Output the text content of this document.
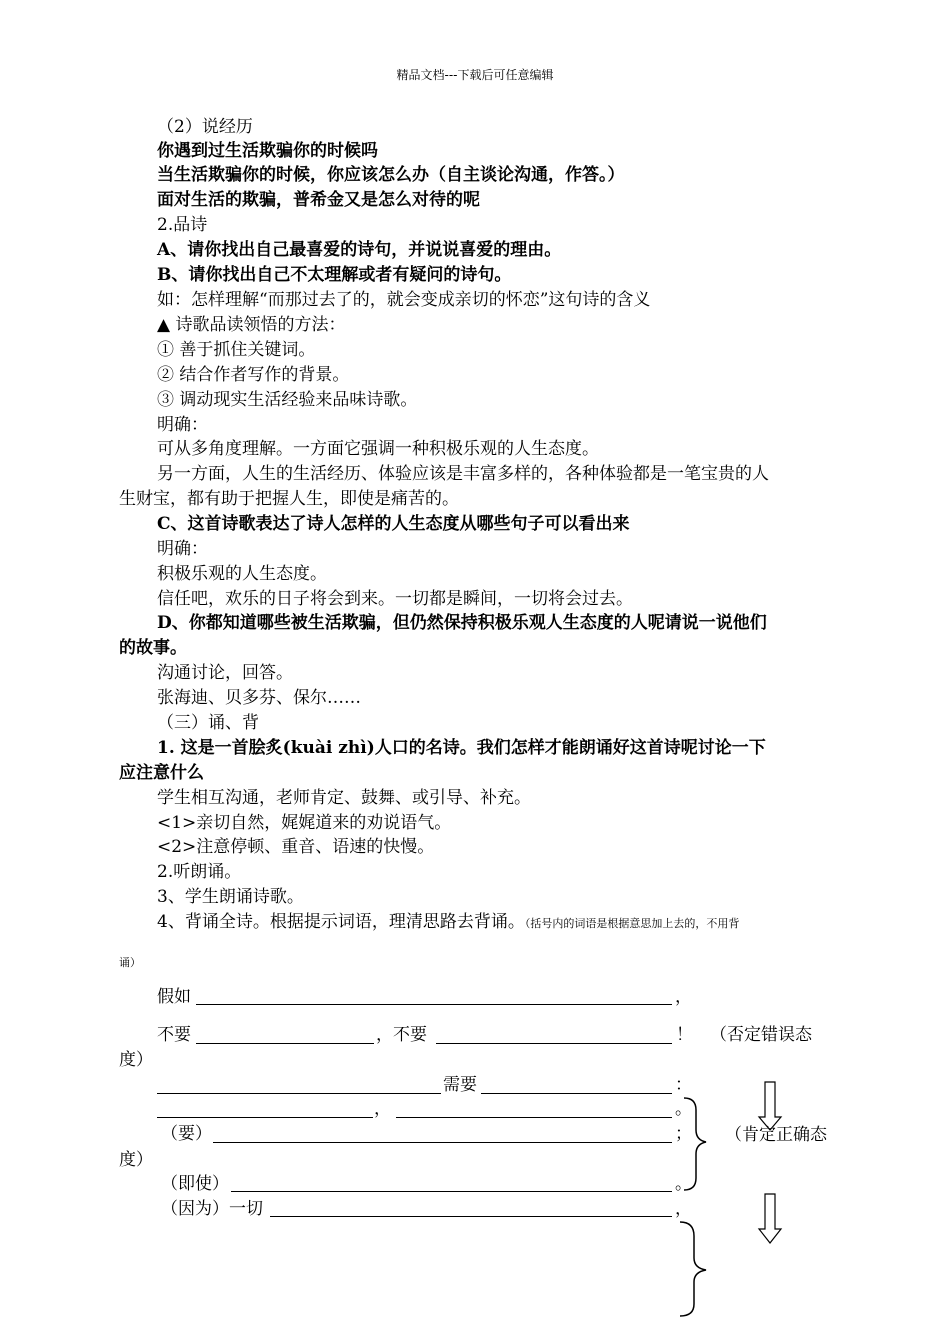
精品文档---下载后可任意编辑
（2）说经历
你遇到过生活欺骗你的时候吗
当生活欺骗你的时候，你应该怎么办（自主谈论沟通，作答。）
面对生活的欺骗，普希金又是怎么对待的呢
2.品诗
A、请你找出自己最喜爱的诗句，并说说喜爱的理由。
B、请你找出自己不太理解或者有疑问的诗句。
如：怎样理解“而那过去了的，就会变成亲切的怀恋”这句诗的含义
▲ 诗歌品读领悟的方法：
① 善于抓住关键词。
② 结合作者写作的背景。
③ 调动现实生活经验来品味诗歌。
明确：
可从多角度理解。一方面它强调一种积极乐观的人生态度。
另一方面，人生的生活经历、体验应该是丰富多样的，各种体验都是一笔宝贵的人
生财宝，都有助于把握人生，即使是痛苦的。
C、这首诗歌表达了诗人怎样的人生态度从哪些句子可以看出来
明确：
积极乐观的人生态度。
信任吧，欢乐的日子将会到来。一切都是瞬间，一切将会过去。
D、你都知道哪些被生活欺骗，但仍然保持积极乐观人生态度的人呢请说一说他们
的故事。
沟通讨论，回答。
张海迪、贝多芬、保尔……
（三）诵、背
1. 这是一首脍炙(kuài zhì)人口的名诗。我们怎样才能朗诵好这首诗呢讨论一下
应注意什么
学生相互沟通，老师肯定、鼓舞、或引导、补充。
<1>亲切自然，娓娓道来的劝说语气。
<2>注意停顿、重音、语速的快慢。
2.听朗诵。
3、学生朗诵诗歌。
4、背诵全诗。根据提示词语，理清思路去背诵。（括号内的词语是根据意思加上去的，不用背
诵）
假如	，
不要	，不要	！ （否定错误态
度）
需要	：
，	。
（要）	； （肯定正确态
度）
（即使）	。
（因为）一切	，
